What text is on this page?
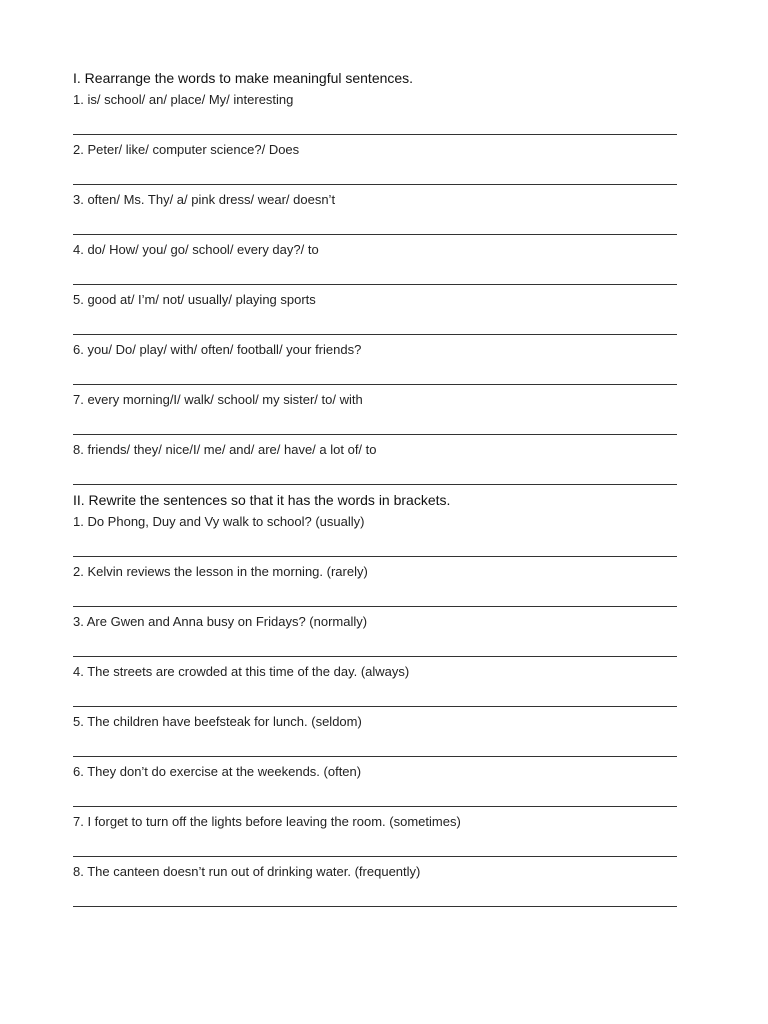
I. Rearrange the words to make meaningful sentences.
1. is/ school/ an/ place/ My/ interesting
2. Peter/ like/ computer science?/ Does
3. often/ Ms. Thy/ a/ pink dress/ wear/ doesn’t
4. do/ How/ you/ go/ school/ every day?/ to
5. good at/ I’m/ not/ usually/ playing sports
6. you/ Do/ play/ with/ often/ football/ your friends?
7. every morning/I/ walk/ school/ my sister/ to/ with
8. friends/ they/ nice/I/ me/ and/ are/ have/ a lot of/ to
II. Rewrite the sentences so that it has the words in brackets.
1. Do Phong, Duy and Vy walk to school? (usually)
2. Kelvin reviews the lesson in the morning. (rarely)
3. Are Gwen and Anna busy on Fridays? (normally)
4. The streets are crowded at this time of the day. (always)
5. The children have beefsteak for lunch. (seldom)
6. They don’t do exercise at the weekends. (often)
7. I forget to turn off the lights before leaving the room. (sometimes)
8. The canteen doesn’t run out of drinking water. (frequently)
